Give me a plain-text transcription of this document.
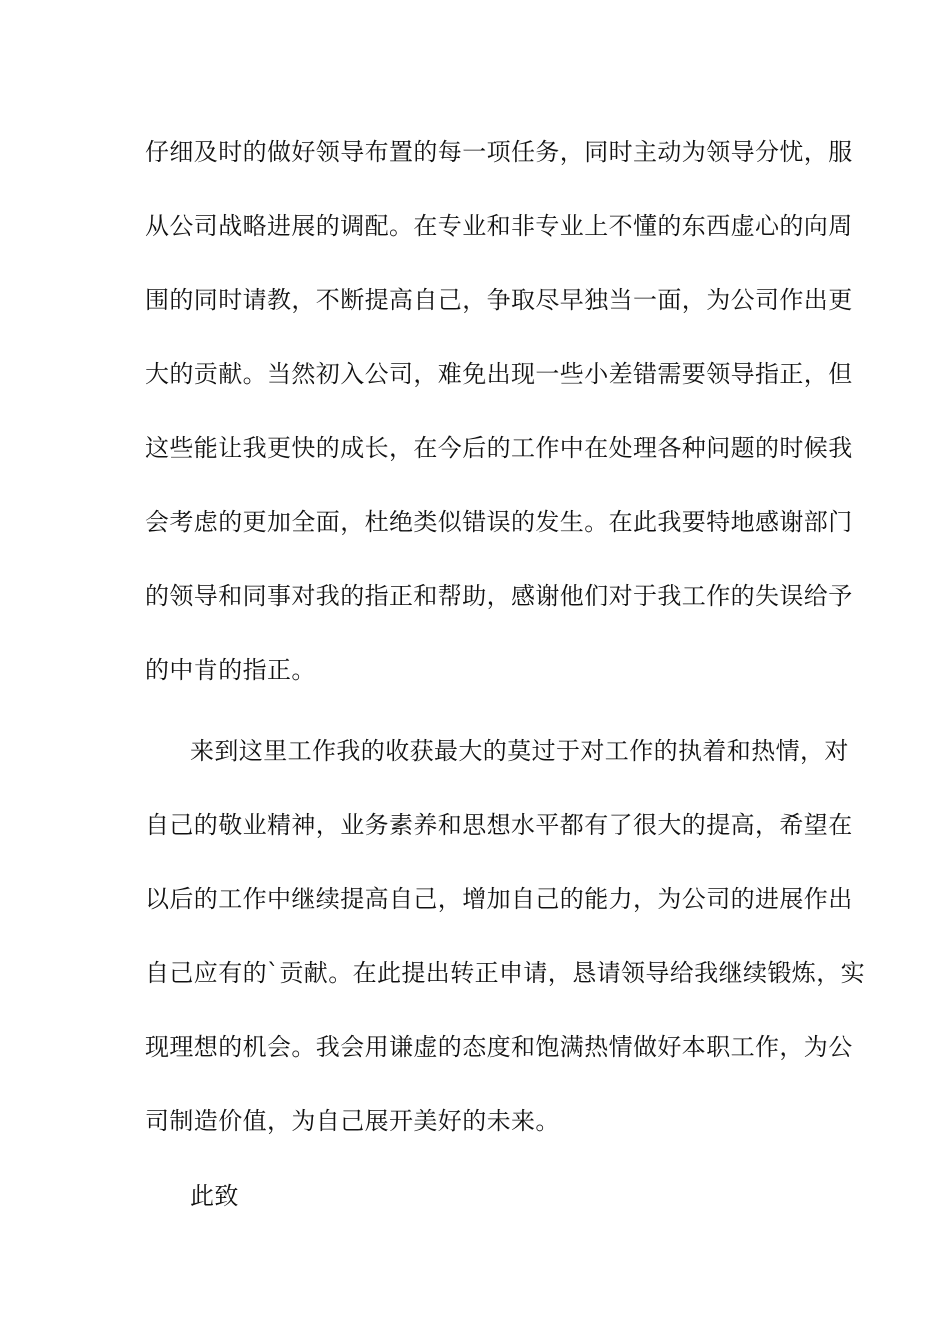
仔细及时的做好领导布置的每一项任务，同时主动为领导分忧，服
从公司战略进展的调配。在专业和非专业上不懂的东西虚心的向周
围的同时请教，不断提高自己，争取尽早独当一面，为公司作出更
大的贡献。当然初入公司，难免出现一些小差错需要领导指正，但
这些能让我更快的成长，在今后的工作中在处理各种问题的时候我
会考虑的更加全面，杜绝类似错误的发生。在此我要特地感谢部门
的领导和同事对我的指正和帮助，感谢他们对于我工作的失误给予
的中肯的指正。
来到这里工作我的收获最大的莫过于对工作的执着和热情，对
自己的敬业精神，业务素养和思想水平都有了很大的提高，希望在
以后的工作中继续提高自己，增加自己的能力，为公司的进展作出
自己应有的`贡献。在此提出转正申请，恳请领导给我继续锻炼，实
现理想的机会。我会用谦虚的态度和饱满热情做好本职工作，为公
司制造价值，为自己展开美好的未来。
此致
